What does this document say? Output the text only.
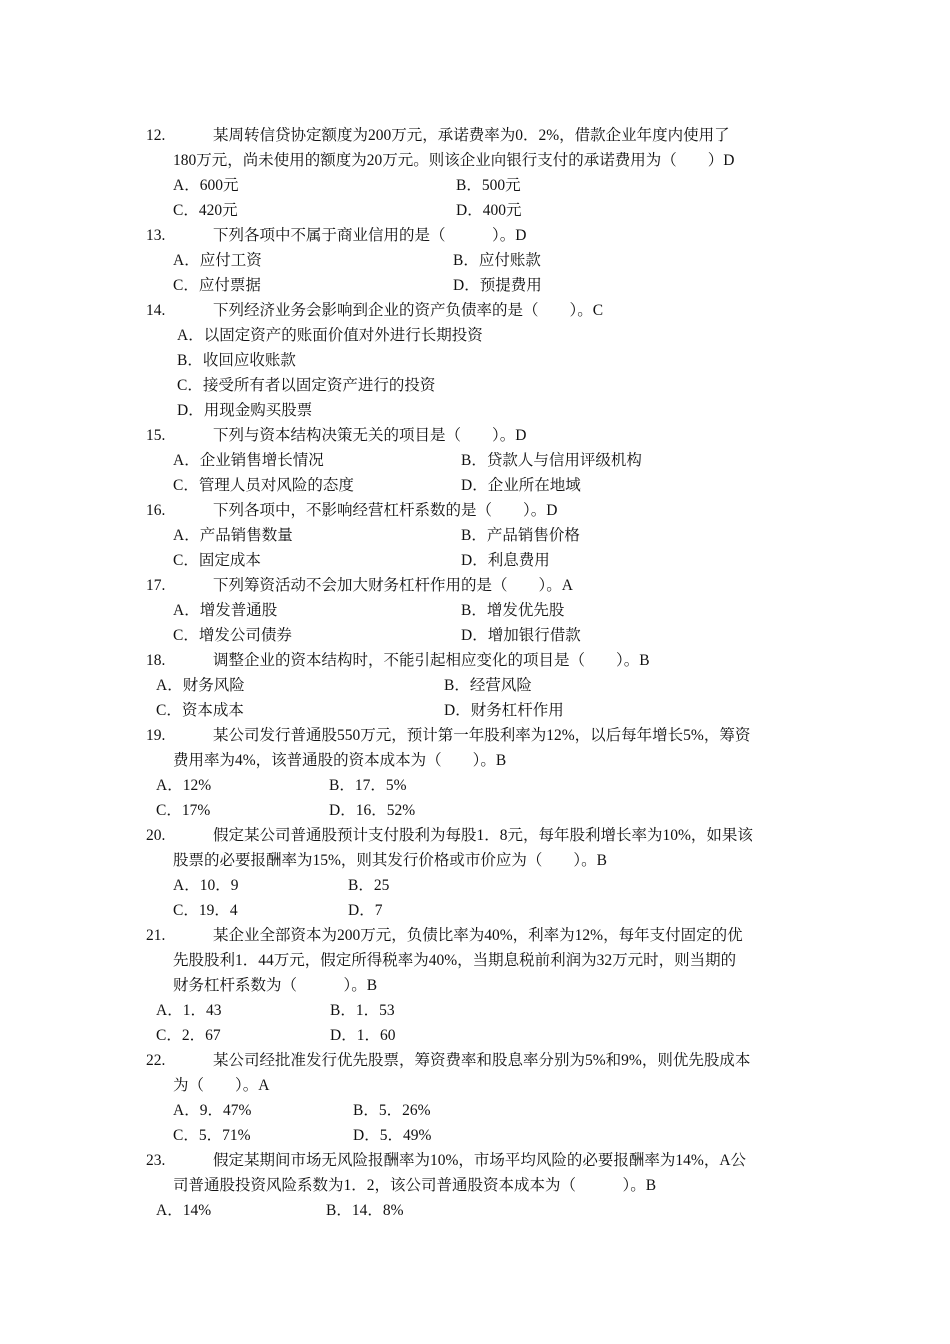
12.	某周转信贷协定额度为200万元，承诺费率为0．2%，借款企业年度内使用了
180万元，尚未使用的额度为20万元。则该企业向银行支付的承诺费用为（　　）D
A．600元	B．500元
C．420元	D．400元
13.	下列各项中不属于商业信用的是（　　　）。D
A．应付工资	B．应付账款
C．应付票据	D．预提费用
14.	下列经济业务会影响到企业的资产负债率的是（　　）。C
A．以固定资产的账面价值对外进行长期投资
B．收回应收账款
C．接受所有者以固定资产进行的投资
D．用现金购买股票
15.	下列与资本结构决策无关的项目是（　　）。D
A．企业销售增长情况	B．贷款人与信用评级机构
C．管理人员对风险的态度	D．企业所在地域
16.	下列各项中，不影响经营杠杆系数的是（　　）。D
A．产品销售数量	B．产品销售价格
C．固定成本	D．利息费用
17.	下列筹资活动不会加大财务杠杆作用的是（　　）。A
A．增发普通股	B．增发优先股
C．增发公司债券	D．增加银行借款
18.	调整企业的资本结构时，不能引起相应变化的项目是（　　）。B
A．财务风险	B．经营风险
C．资本成本	D．财务杠杆作用
19.	某公司发行普通股550万元，预计第一年股利率为12%，以后每年增长5%，筹资
费用率为4%，该普通股的资本成本为（　　）。B
A．12%	B．17．5%
C．17%	D．16．52%
20.	假定某公司普通股预计支付股利为每股1．8元，每年股利增长率为10%，如果该
股票的必要报酬率为15%，则其发行价格或市价应为（　　）。B
A．10．9	B．25
C．19．4	D．7
21.	某企业全部资本为200万元，负债比率为40%，利率为12%，每年支付固定的优
先股股利1．44万元，假定所得税率为40%，当期息税前利润为32万元时，则当期的
财务杠杆系数为（　　　）。B
A．1．43	B．1．53
C．2．67	D．1．60
22.	某公司经批准发行优先股票，筹资费率和股息率分别为5%和9%，则优先股成本
为（　　）。A
A．9．47%	B．5．26%
C．5．71%	D．5．49%
23.	假定某期间市场无风险报酬率为10%，市场平均风险的必要报酬率为14%，A公
司普通股投资风险系数为1．2，该公司普通股资本成本为（　　　）。B
A．14%	B．14．8%
